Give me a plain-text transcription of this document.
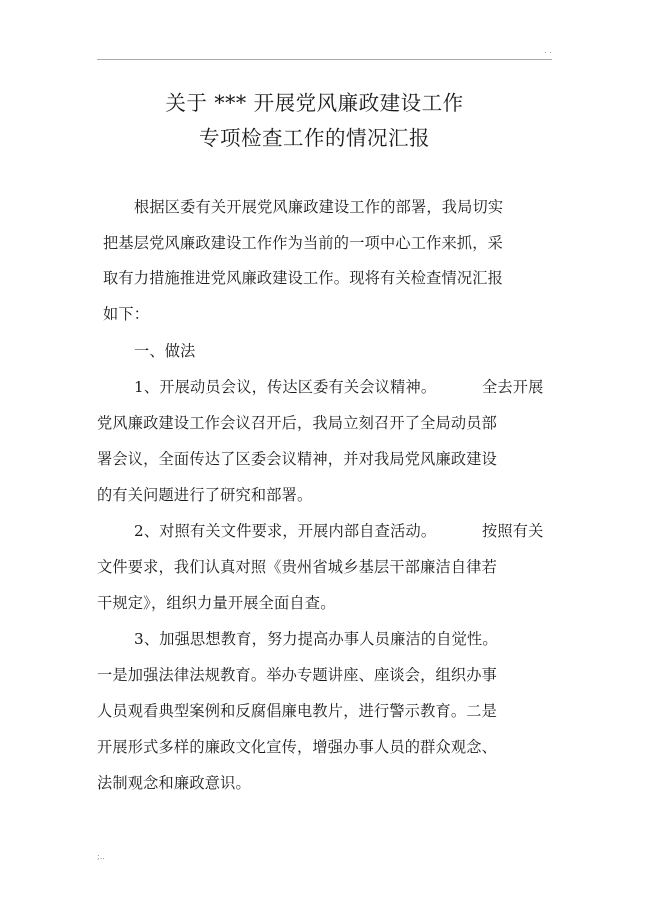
. .
关于 *** 开展党风廉政建设工作
专项检查工作的情况汇报
根据区委有关开展党风廉政建设工作的部署，我局切实
把基层党风廉政建设工作作为当前的一项中心工作来抓，采
取有力措施推进党风廉政建设工作。现将有关检查情况汇报
如下：
一、做法
1、开展动员会议，传达区委有关会议精神。	全去开展
党风廉政建设工作会议召开后，我局立刻召开了全局动员部
署会议，全面传达了区委会议精神，并对我局党风廉政建设
的有关问题进行了研究和部署。
2、对照有关文件要求，开展内部自查活动。	按照有关
文件要求，我们认真对照《贵州省城乡基层干部廉洁自律若
干规定》，组织力量开展全面自查。
3、加强思想教育，努力提高办事人员廉洁的自觉性。
一是加强法律法规教育。举办专题讲座、座谈会，组织办事
人员观看典型案例和反腐倡廉电教片，进行警示教育。二是
开展形式多样的廉政文化宣传，增强办事人员的群众观念、
法制观念和廉政意识。
;..
